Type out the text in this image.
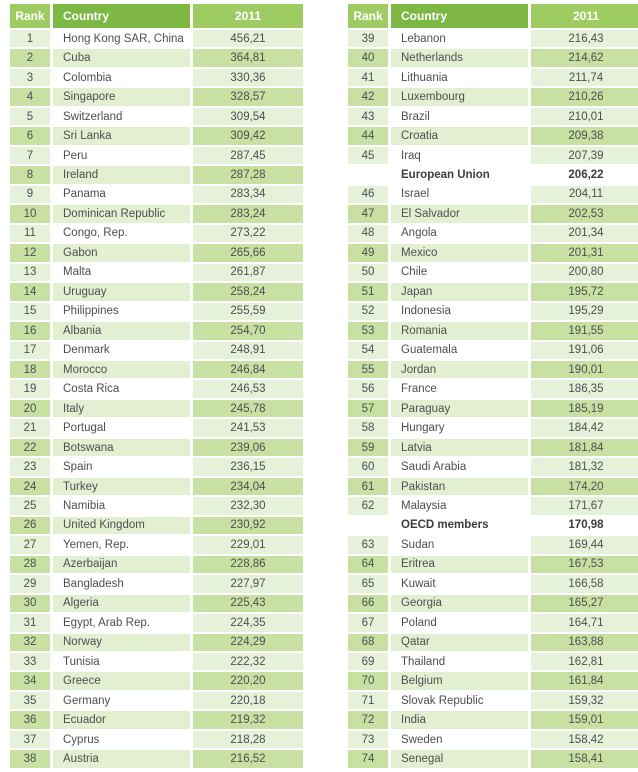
Rank	Country	2011
1	Hong Kong SAR, China	456,21
2	Cuba	364,81
3	Colombia	330,36
4	Singapore	328,57
5	Switzerland	309,54
6	Sri Lanka	309,42
7	Peru	287,45
8	Ireland	287,28
9	Panama	283,34
10	Dominican Republic	283,24
11	Congo, Rep.	273,22
12	Gabon	265,66
13	Malta	261,87
14	Uruguay	258,24
15	Philippines	255,59
16	Albania	254,70
17	Denmark	248,91
18	Morocco	246,84
19	Costa Rica	246,53
20	Italy	245,78
21	Portugal	241,53
22	Botswana	239,06
23	Spain	236,15
24	Turkey	234,04
25	Namibia	232,30
26	United Kingdom	230,92
27	Yemen, Rep.	229,01
28	Azerbaijan	228,86
29	Bangladesh	227,97
30	Algeria	225,43
31	Egypt, Arab Rep.	224,35
32	Norway	224,29
33	Tunisia	222,32
34	Greece	220,20
35	Germany	220,18
36	Ecuador	219,32
37	Cyprus	218,28
38	Austria	216,52
Rank	Country	2011
39	Lebanon	216,43
40	Netherlands	214,62
41	Lithuania	211,74
42	Luxembourg	210,26
43	Brazil	210,01
44	Croatia	209,38
45	Iraq	207,39
	European Union	206,22
46	Israel	204,11
47	El Salvador	202,53
48	Angola	201,34
49	Mexico	201,31
50	Chile	200,80
51	Japan	195,72
52	Indonesia	195,29
53	Romania	191,55
54	Guatemala	191,06
55	Jordan	190,01
56	France	186,35
57	Paraguay	185,19
58	Hungary	184,42
59	Latvia	181,84
60	Saudi Arabia	181,32
61	Pakistan	174,20
62	Malaysia	171,67
	OECD members	170,98
63	Sudan	169,44
64	Eritrea	167,53
65	Kuwait	166,58
66	Georgia	165,27
67	Poland	164,71
68	Qatar	163,88
69	Thailand	162,81
70	Belgium	161,84
71	Slovak Republic	159,32
72	India	159,01
73	Sweden	158,42
74	Senegal	158,41
